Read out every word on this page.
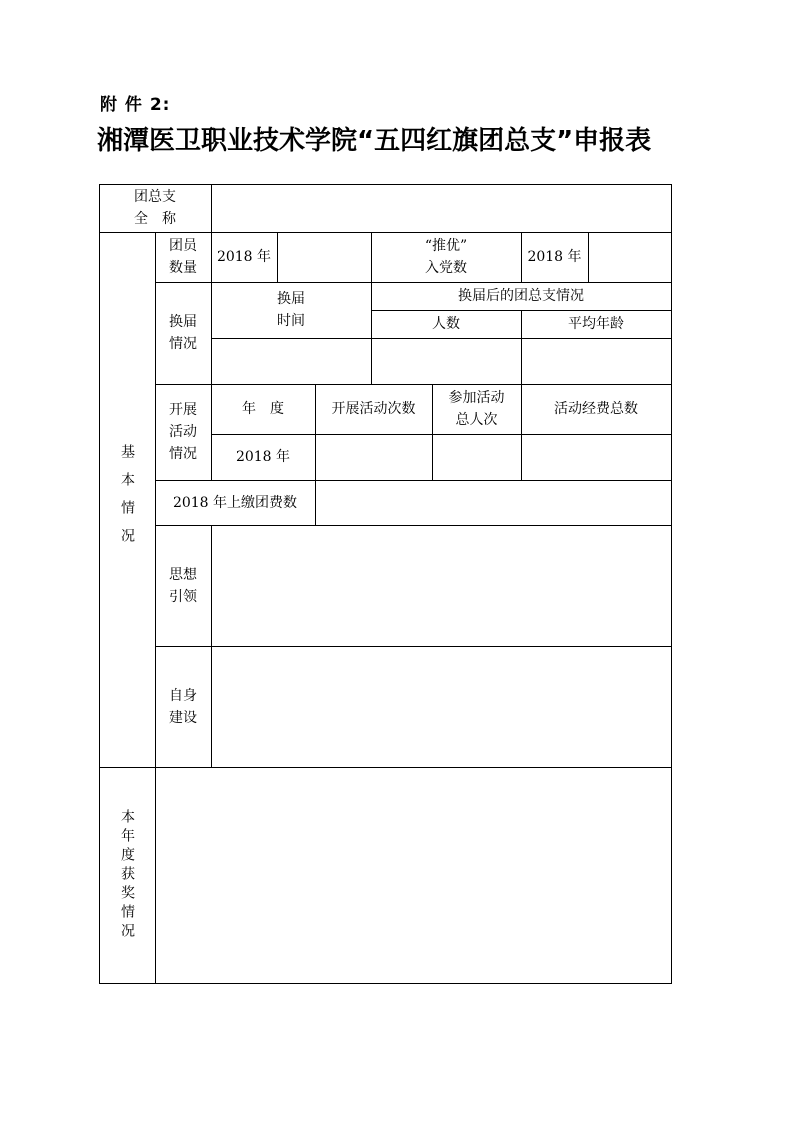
附 件 2:
湘潭医卫职业技术学院“五四红旗团总支”申报表
团总支
全　称
基本情况
团员
数量
2018 年
“推优”
入党数
2018 年
换届
情况
换届
时间
换届后的团总支情况
人数	平均年龄
开展
活动
情况
年　度	开展活动次数
参加活动
总人次
活动经费总数
2018 年
2018 年上缴团费数
思想
引领
自身
建设
本年度获奖情况
